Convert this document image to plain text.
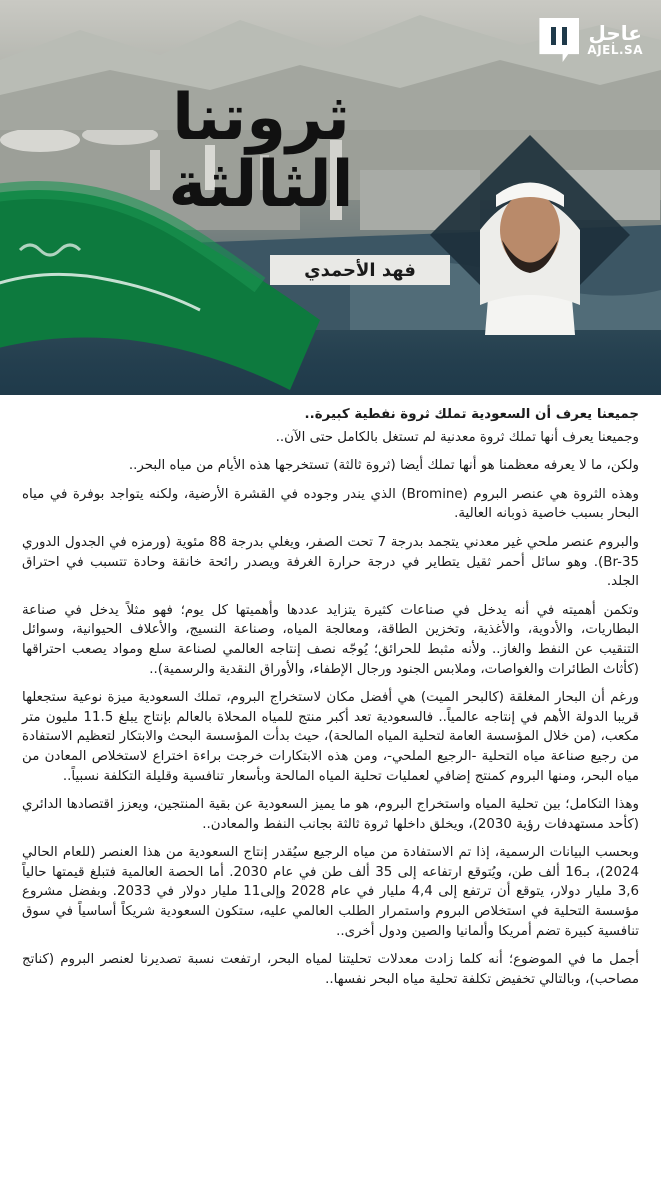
عاجل
AJEL.SA
ثروتنا
الثالثة
فهد الأحمدي

جميعنا يعرف أن السعودية تملك ثروة نفطية كبيرة..

وجميعنا يعرف أنها تملك ثروة معدنية لم تستغل بالكامل حتى الآن..

ولكن، ما لا يعرفه معظمنا هو أنها تملك أيضا (ثروة ثالثة) تستخرجها هذه الأيام من مياه البحر..

وهذه الثروة هي عنصر البروم (Bromine) الذي يندر وجوده في القشرة الأرضية، ولكنه يتواجد بوفرة في مياه البحار بسبب خاصية ذوبانه العالية.

والبروم عنصر ملحي غير معدني يتجمد بدرجة 7 تحت الصفر، ويغلي بدرجة 88 مئوية (ورمزه في الجدول الدوري Br-35). وهو سائل أحمر ثقيل يتطاير في درجة حرارة الغرفة ويصدر رائحة خانقة وحادة تتسبب في احتراق الجلد.

وتكمن أهميته في أنه يدخل في صناعات كثيرة يتزايد عددها وأهميتها كل يوم؛ فهو مثلاً يدخل في صناعة البطاريات، والأدوية، والأغذية، وتخزين الطاقة، ومعالجة المياه، وصناعة النسيج، والأعلاف الحيوانية، وسوائل التنقيب عن النفط والغاز.. ولأنه مثبط للحرائق؛ يُوجّه نصف إنتاجه العالمي لصناعة سلع ومواد يصعب احتراقها (كأثاث الطائرات والغواصات، وملابس الجنود ورجال الإطفاء، والأوراق النقدية والرسمية)..

ورغم أن البحار المغلقة (كالبحر الميت) هي أفضل مكان لاستخراج البروم، تملك السعودية ميزة نوعية ستجعلها قريبا الدولة الأهم في إنتاجه عالمياً.. فالسعودية تعد أكبر منتج للمياه المحلاة بالعالم بإنتاج يبلغ 11.5 مليون متر مكعب، (من خلال المؤسسة العامة لتحلية المياه المالحة)، حيث بدأت المؤسسة البحث والابتكار لتعظيم الاستفادة من رجيع صناعة مياه التحلية -الرجيع الملحي-، ومن هذه الابتكارات خرجت براءة اختراع لاستخلاص المعادن من مياه البحر، ومنها البروم كمنتج إضافي لعمليات تحلية المياه المالحة وبأسعار تنافسية وقليلة التكلفة نسبياً..

وهذا التكامل؛ بين تحلية المياه واستخراج البروم، هو ما يميز السعودية عن بقية المنتجين، ويعزز اقتصادها الدائري (كأحد مستهدفات رؤية 2030)، ويخلق داخلها ثروة ثالثة بجانب النفط والمعادن..

وبحسب البيانات الرسمية، إذا تم الاستفادة من مياه الرجيع سيُقدر إنتاج السعودية من هذا العنصر (للعام الحالي 2024)، بـ16 ألف طن، ويُتوقع ارتفاعه إلى 35 ألف طن في عام 2030. أما الحصة العالمية فتبلغ قيمتها حالياً 3,6 مليار دولار، يتوقع أن ترتفع إلى 4,4 مليار في عام 2028 وإلى11 مليار دولار في 2033. وبفضل مشروع مؤسسة التحلية في استخلاص البروم واستمرار الطلب العالمي عليه، ستكون السعودية شريكاً أساسياً في سوق تنافسية كبيرة تضم أمريكا وألمانيا والصين ودول أخرى..

أجمل ما في الموضوع؛ أنه كلما زادت معدلات تحليتنا لمياه البحر، ارتفعت نسبة تصديرنا لعنصر البروم (كناتج مصاحب)، وبالتالي تخفيض تكلفة تحلية مياه البحر نفسها..
